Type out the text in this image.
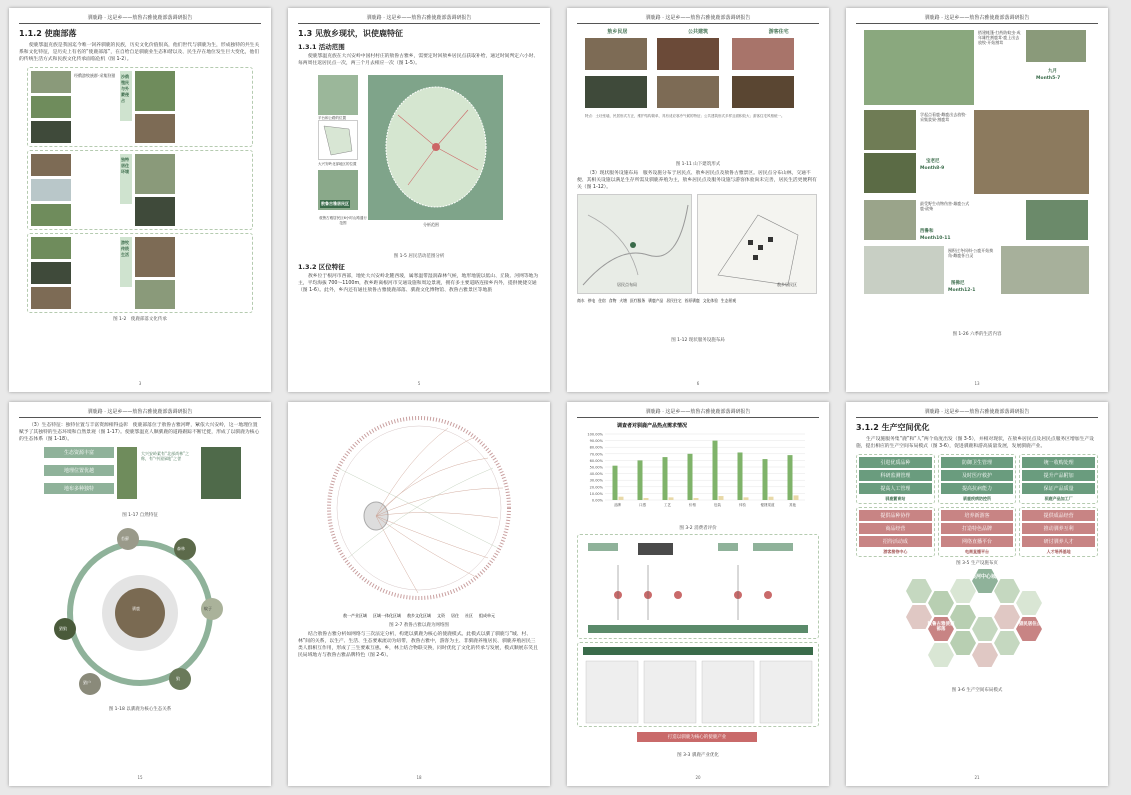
驯鹿路 · 这是乡——敖鲁古雅使鹿部落调研报告
1.1.2 使鹿部落
使鹿鄂温克族是我国迄今唯一饲养驯鹿的民族，历史文化价值很高，他们世代与驯鹿为生，形成独特的共生关系和文化特征，是历史上有名的“使鹿部落”，在自给自足驯鹿业生态和谐以及、民生存在地位发生巨大变化，他们的传统生活方式和民族文化传承面临危机（图 1-2）。
经俄游牧族群·采集狩猎	沙俄殖民与外蒙侵占
独特居住环境
游牧传统生活
图 1-2　使鹿部落文化传承
3
驯鹿路 · 这是乡——敖鲁古雅使鹿部落调研报告
1.3 见敖乡现状，识使鹿特征
1.3.1 活动范围
使鹿鄂温克族在大兴安岭中国村村庄的敖鲁古雅乡，需要定时回敖乡居民点获取补给，通过时间判定六小时、每两周往返居民点一次，两三个月去相应一次（图 1-5）。
平台和公路的位置
大兴安岭北部地区的位置
敖鲁古雅居民区
敖鲁古雅居民区6小时山路通行范围	分析范围
图 1-5 居民活动范围分析
1.3.2 区位特征
敖乡位于根河市西部，地处大兴安岭北麓西坡，属寒温带湿润森林气候，地形地貌以低山、丘陵、河网等地为主，平均海拔 700～1100m，敖乡距离根河市交通设施和周边景观，拥有多主要道路连接乡内外，提供便捷交通（图 1-6）。此外，乡内还有通往敖鲁古雅使鹿部落、驯鹿文化博物馆、敖鲁古雅景区等地旅
5
驯鹿路 · 这是乡——敖鲁古雅使鹿部落调研报告
敖乡民居	公共建筑	游客住宅
特点：土坯垒墙，民居形式方正，维护结构简单，具有适应寒冷气候的特征；公共建筑形式多样且面积较大；游客住宅风格统一。
图 1-11 山下建筑形式
（3）现状服务设施布局　服务设施分布于居民点、敖乡居民点及敖鲁古雅景区。居民点分布山林，交通不便、其相关设施以满足生存所需及驯鹿养殖为主，敖乡居民点及服务设施与游客体验尚未完善，居民生活更便利有关（图 1-12）。
居民点布局	敖乡居民区
商水 停电 住宿 食物 火塘 医疗服务 驯鹿产品 居民住宅 苔原驯鹿 文化体验 生态景观
图 1-12 现状服务设施布局
6
驯鹿路 · 这是乡——敖鲁古雅使鹿部落调研报告
搭建帐篷·打药防蚊虫·成年雄性割鹿茸·鹿上出去放牧·开始割茸
九月
Month5-7
学起点看鹿·雌鹿出去放牧·采集浆果·割鹿茸
宝老尼
Month8-9
最受野生动物伤害·雄鹿公式鹿·砍柴
西鲁和
Month10-11
囤积过冬饲料·公鹿开始换角·雌鹿怀白灵
图佛尼
Month12-1
图 1-26 六季的生活内容
13
驯鹿路 · 这是乡——敖鲁古雅使鹿部落调研报告
（3）生态特征：独特位置与丰富资源相得益彰　使鹿部落位于敖鲁古雅河畔，紧依大兴安岭，这一地理位置赋予了其独特的生态环境和自然景观（图 1-17）。使鹿鄂温克人顺驯鹿的道路跟踪不断迁徙，形成了以驯鹿为核心的生态体系（图 1-18）。
生态资源丰富
地理位置优越
地布多种独特
大兴安岭素有“北部尚林”之称，有“中国绿地”之誉
图 1-17 自然特征
驯鹿
苔藓
猎狼
森林
蚊子
狼
猎户
图 1-18 以驯鹿为核心生态关系
15
敖一产业区域 区域一体化区域 敖乡文化区域 文资 居住 社区 组成单元
图 2-7 敖鲁古雅以鹿为网络图
结合敖鲁古雅分析如网络与三次法定分析，构建以驯鹿为核心的使鹿模式。此模式以驯了驯鹿与“城、村、林”间的关系，以生产、生活、生态要素流动为纽带，敖鲁古雅中，游客为主、非驯鹿养殖居民、驯鹿养殖居民三类人群相互作用，形成了三生要素互惠。乡，林上结合物联交换，同时优化了文化的传承与发展，模式顺展东笑且民局域地方与敖鲁古雅品牌特色（图 2-6）。
18
驯鹿路 · 这是乡——敖鲁古雅使鹿部落调研报告
调查者对驯鹿产品热点需求情况
100.00%
90.00%
80.00%
70.00%
60.00%
50.00%
40.00%
30.00%
20.00%
10.00%
0.00%
品牌	口感	工艺	价格	包装	体验	便捷渠道	其他
图 3-2 消费者评价
打造以驯鹿为核心的使鹿产业
图 3-3 驯鹿产业优化
20
驯鹿路 · 这是乡——敖鲁古雅使鹿部落调研报告
3.1.2 生产空间优化
生产设施服务集“鹿”和“人”两个角度出发（图 3-5），并相对现状，在敖乡居民点及居民点服务区增加生产设施，提出相应的生产空间布局模式（图 3-6），促进驯鹿和游高质量发展，发展驯鹿产业。
引进优质品种
科研监测管理
提高人工管理
驯鹿繁育站
防御卫生管理
及时医疗救护
提高抗病能力
驯鹿疾病防控所
统一收购处理
提升产品附加
保证产品质量
驯鹿产品加工厂
提供品种协作
商品经营
招待活动成
游客接待中心
培养新游客
打造特色品牌
网络直播平台
电商直播平台
提供成品经营
推动驯养互利
研讨驯养人才
人才培养基地
图 3-5 生产设施布页
根河中心城区
敖鲁古雅使鹿部落
猎民居住点
图 3-6 生产空间布局模式
21
